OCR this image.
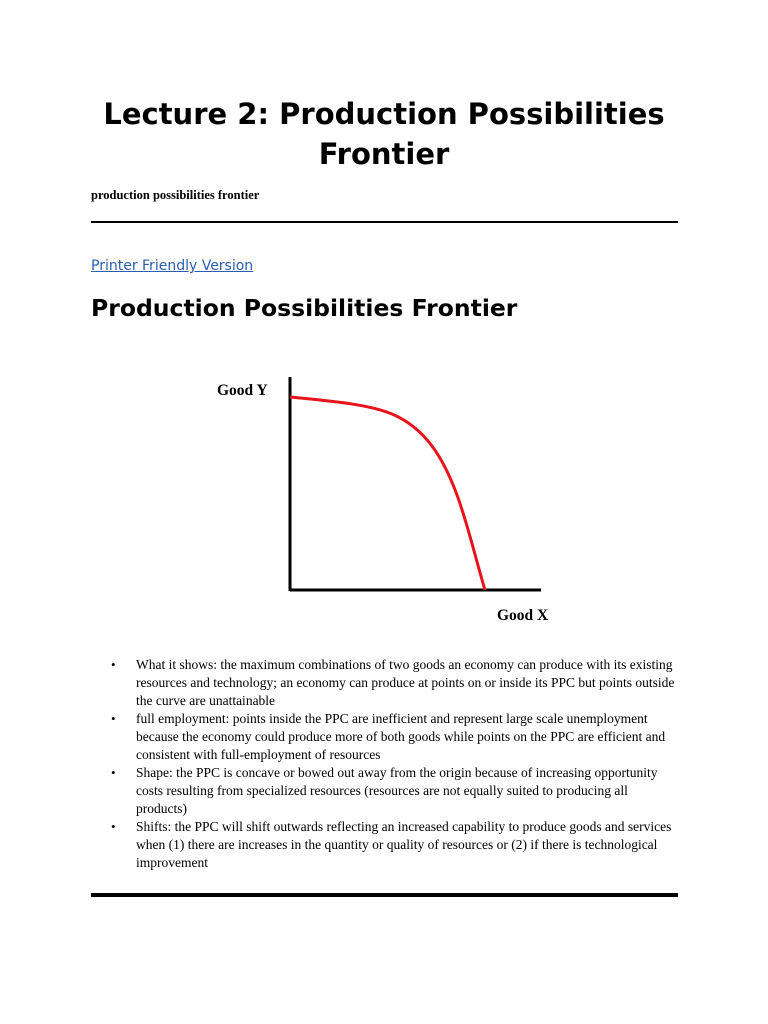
Lecture 2: Production Possibilities Frontier

production possibilities frontier

Printer Friendly Version
Production Possibilities Frontier
Good Y
Good X
• What it shows: the maximum combinations of two goods an economy can produce with its existing resources and technology; an economy can produce at points on or inside its PPC but points outside the curve are unattainable
• full employment: points inside the PPC are inefficient and represent large scale unemployment because the economy could produce more of both goods while points on the PPC are efficient and consistent with full-employment of resources
• Shape: the PPC is concave or bowed out away from the origin because of increasing opportunity costs resulting from specialized resources (resources are not equally suited to producing all products)
• Shifts: the PPC will shift outwards reflecting an increased capability to produce goods and services when (1) there are increases in the quantity or quality of resources or (2) if there is technological improvement
